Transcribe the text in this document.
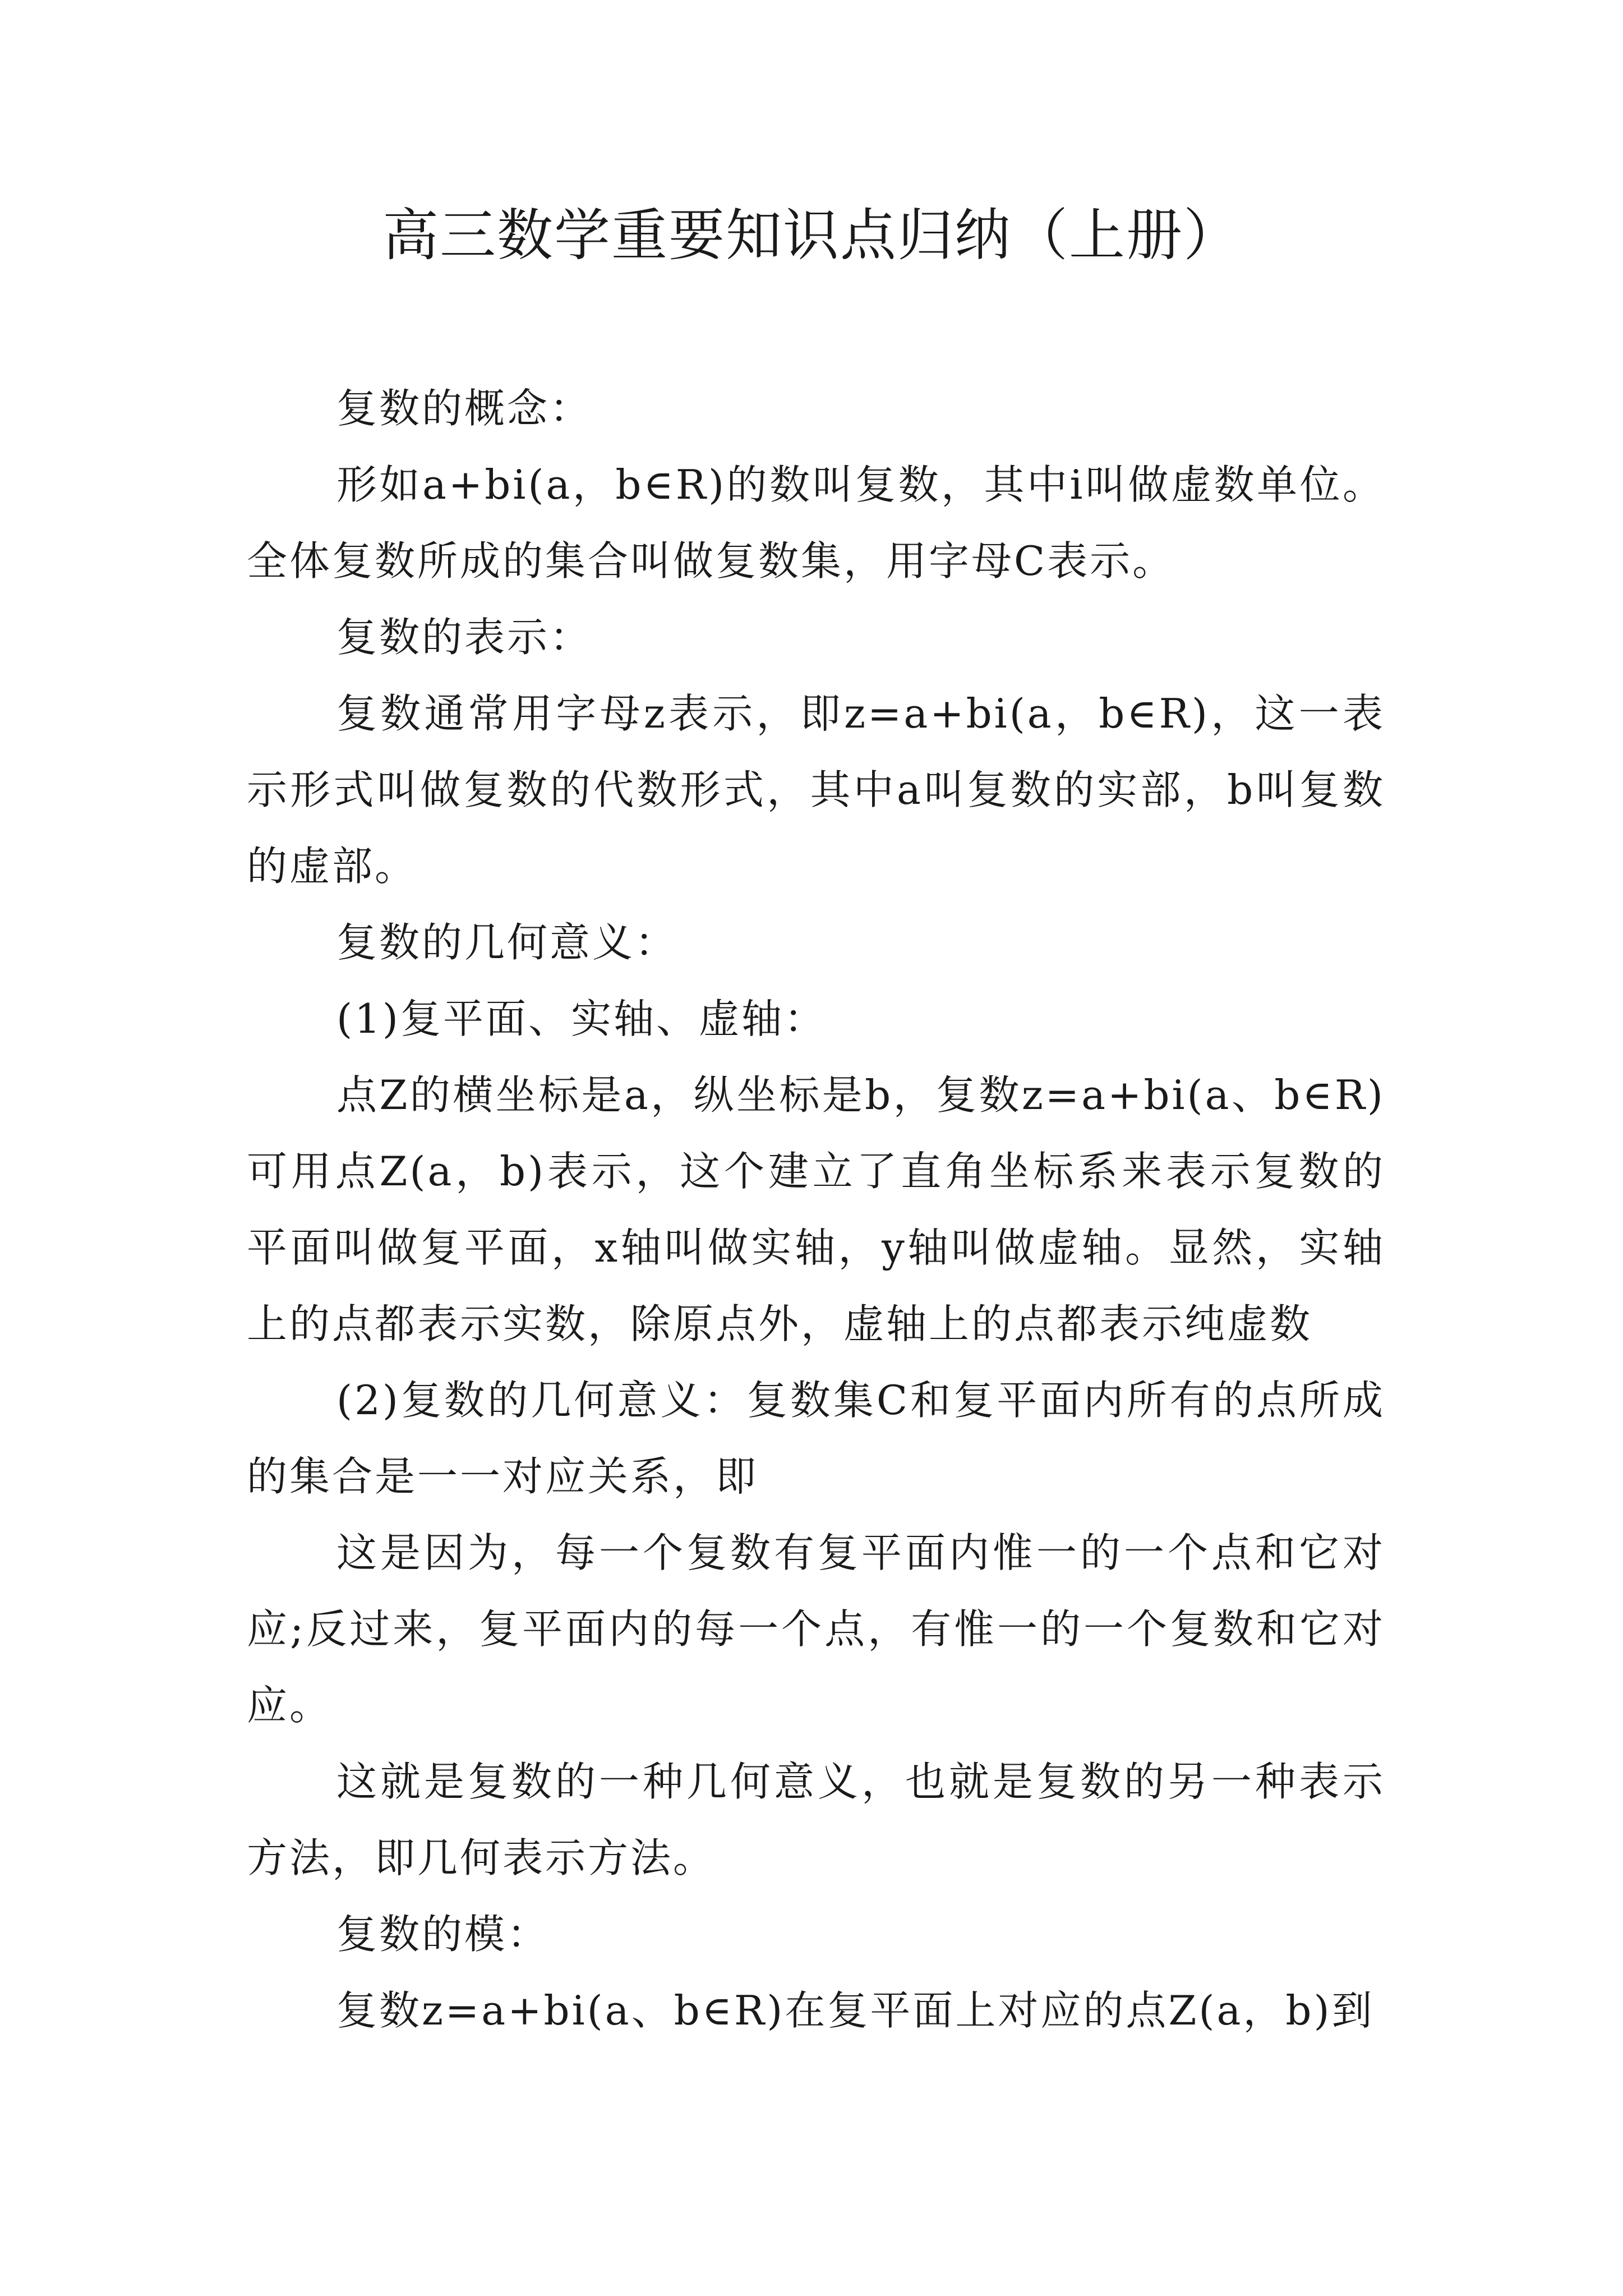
高三数学重要知识点归纳（上册）

复数的概念：

形如a+bi(a，b∈R)的数叫复数，其中i叫做虚数单位。全体复数所成的集合叫做复数集，用字母C表示。

复数的表示：

复数通常用字母z表示，即z=a+bi(a，b∈R)，这一表示形式叫做复数的代数形式，其中a叫复数的实部，b叫复数的虚部。

复数的几何意义：

(1)复平面、实轴、虚轴：

点Z的横坐标是a，纵坐标是b，复数z=a+bi(a、b∈R)可用点Z(a，b)表示，这个建立了直角坐标系来表示复数的平面叫做复平面，x轴叫做实轴，y轴叫做虚轴。显然，实轴上的点都表示实数，除原点外，虚轴上的点都表示纯虚数

(2)复数的几何意义：复数集C和复平面内所有的点所成的集合是一一对应关系，即

这是因为，每一个复数有复平面内惟一的一个点和它对应;反过来，复平面内的每一个点，有惟一的一个复数和它对应。

这就是复数的一种几何意义，也就是复数的另一种表示方法，即几何表示方法。

复数的模：

复数z=a+bi(a、b∈R)在复平面上对应的点Z(a，b)到
